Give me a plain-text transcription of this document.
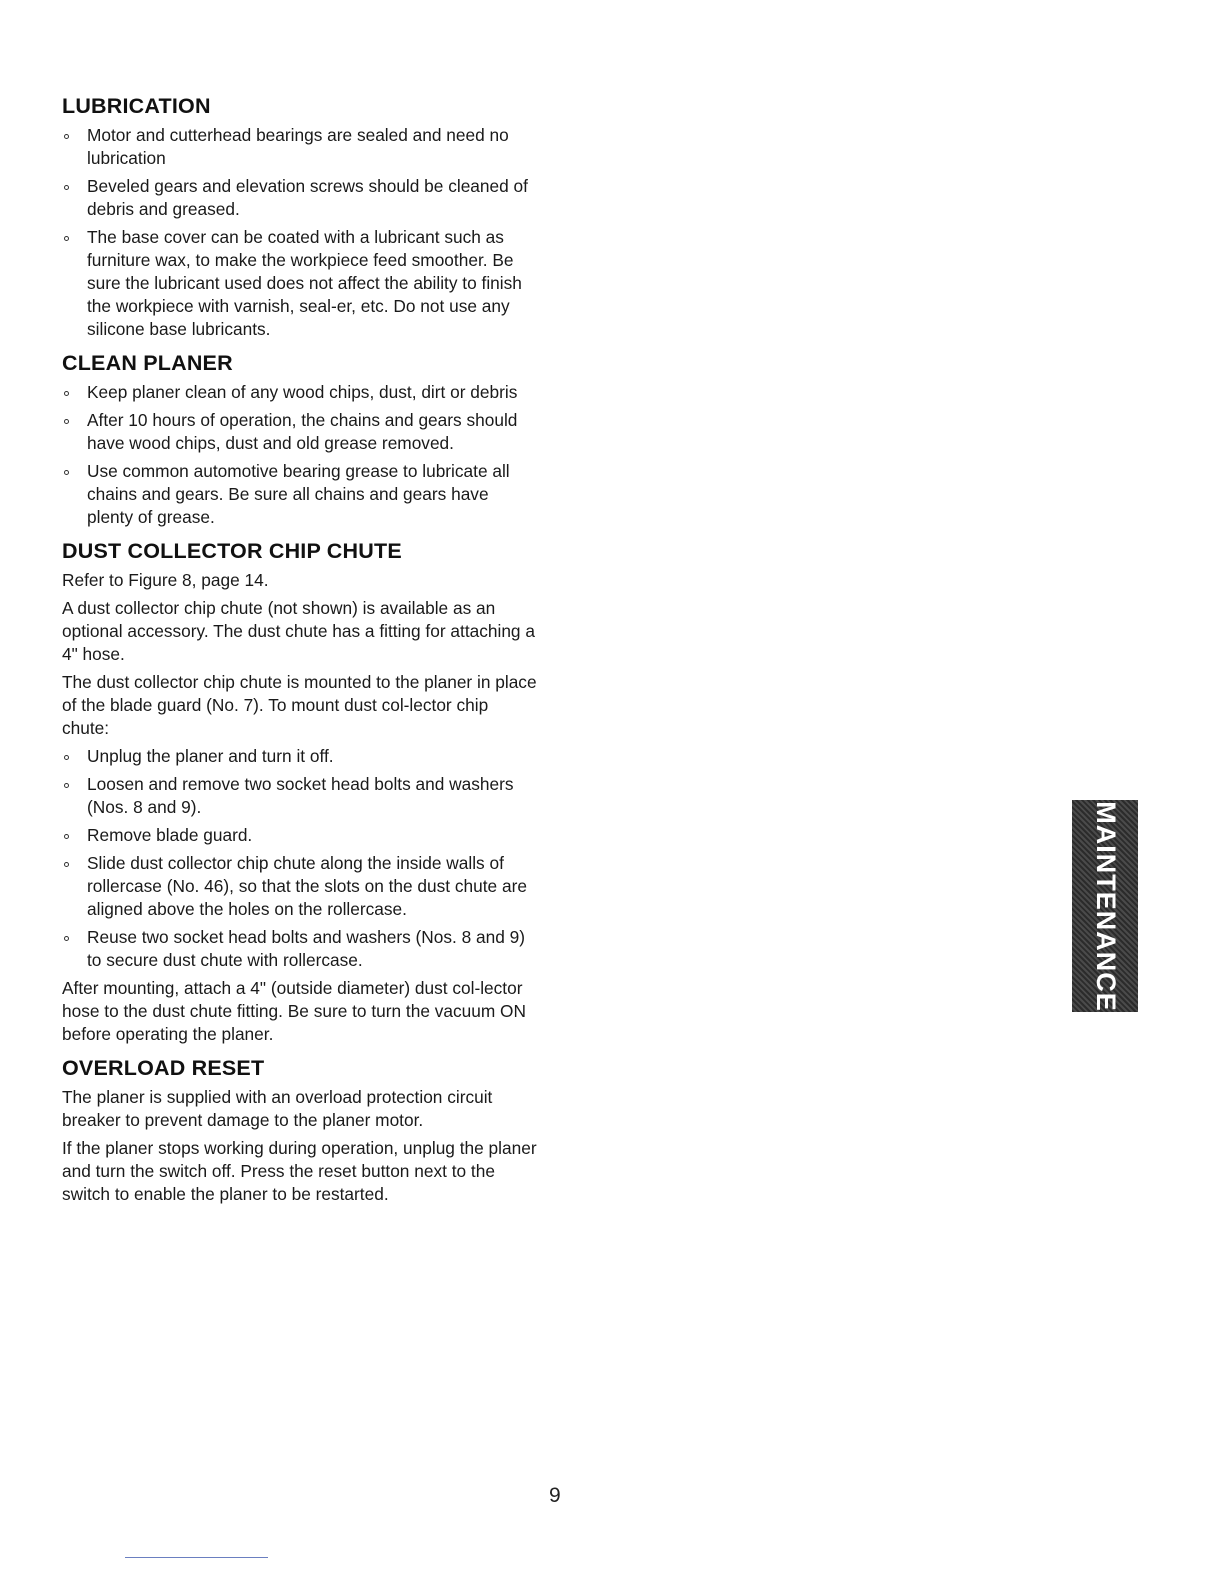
LUBRICATION
Motor and cutterhead bearings are sealed and need no lubrication
Beveled gears and elevation screws should be cleaned of debris and greased.
The base cover can be coated with a lubricant such as furniture wax, to make the workpiece feed smoother. Be sure the lubricant used does not affect the ability to finish the workpiece with varnish, seal-er, etc. Do not use any silicone base lubricants.
CLEAN PLANER
Keep planer clean of any wood chips, dust, dirt or debris
After 10 hours of operation, the chains and gears should have wood chips, dust and old grease removed.
Use common automotive bearing grease to lubricate all chains and gears. Be sure all chains and gears have plenty of grease.
DUST COLLECTOR CHIP CHUTE

Refer to Figure 8, page 14.

A dust collector chip chute (not shown) is available as an optional accessory. The dust chute has a fitting for attaching a 4" hose.

The dust collector chip chute is mounted to the planer in place of the blade guard (No. 7). To mount dust col-lector chip chute:

Unplug the planer and turn it off.
Loosen and remove two socket head bolts and washers (Nos. 8 and 9).
Remove blade guard.
Slide dust collector chip chute along the inside walls of rollercase (No. 46), so that the slots on the dust chute are aligned above the holes on the rollercase.
Reuse two socket head bolts and washers (Nos. 8 and 9) to secure dust chute with rollercase.

After mounting, attach a 4" (outside diameter) dust col-lector hose to the dust chute fitting. Be sure to turn the vacuum ON before operating the planer.

OVERLOAD RESET

The planer is supplied with an overload protection circuit breaker to prevent damage to the planer motor.

If the planer stops working during operation, unplug the planer and turn the switch off. Press the reset button next to the switch to enable the planer to be restarted.

MAINTENANCE
9
